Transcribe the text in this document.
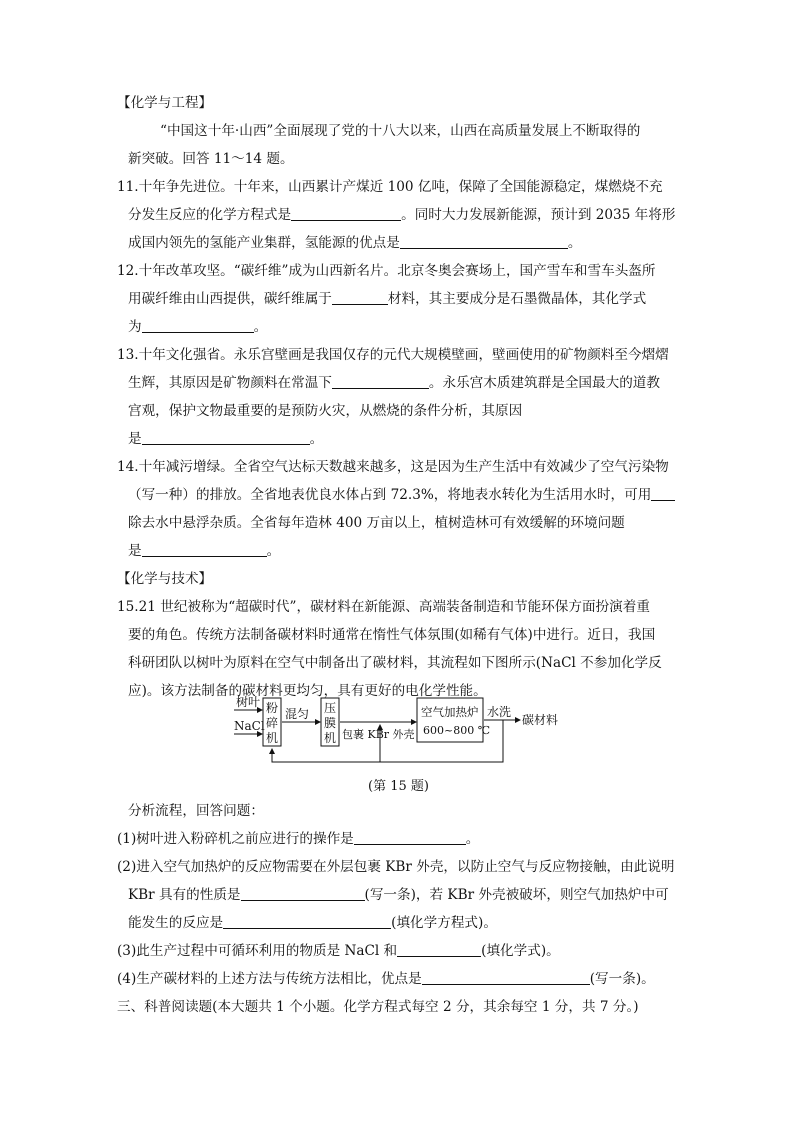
【化学与工程】
“中国这十年·山西”全面展现了党的十八大以来，山西在高质量发展上不断取得的
新突破。回答 11～14 题。
11.十年争先进位。十年来，山西累计产煤近 100 亿吨，保障了全国能源稳定，煤燃烧不充
分发生反应的化学方程式是	。同时大力发展新能源，预计到 2035 年将形
成国内领先的氢能产业集群，氢能源的优点是	。
12.十年改革攻坚。“碳纤维”成为山西新名片。北京冬奥会赛场上，国产雪车和雪车头盔所
用碳纤维由山西提供，碳纤维属于	材料，其主要成分是石墨微晶体，其化学式
为	。
13.十年文化强省。永乐宫壁画是我国仅存的元代大规模壁画，壁画使用的矿物颜料至今熠熠
生辉，其原因是矿物颜料在常温下	。永乐宫木质建筑群是全国最大的道教
宫观，保护文物最重要的是预防火灾，从燃烧的条件分析，其原因
是	。
14.十年减污增绿。全省空气达标天数越来越多，这是因为生产生活中有效减少了空气污染物
（写一种）的排放。全省地表优良水体占到 72.3%，将地表水转化为生活用水时，可用
除去水中悬浮杂质。全省每年造林 400 万亩以上，植树造林可有效缓解的环境问题
是	。
【化学与技术】
15.21 世纪被称为“超碳时代”，碳材料在新能源、高端装备制造和节能环保方面扮演着重
要的角色。传统方法制备碳材料时通常在惰性气体氛围(如稀有气体)中进行。近日，我国
科研团队以树叶为原料在空气中制备出了碳材料，其流程如下图所示(NaCl 不参加化学反
应)。该方法制备的碳材料更均匀，具有更好的电化学性能。
树叶
NaCl
粉
碎
机
混匀 压
膜
机 包裹 KBr 外壳
空气加热炉
600~800 ℃
水洗
碳材料
(第 15 题)
分析流程，回答问题：
(1)树叶进入粉碎机之前应进行的操作是	。
(2)进入空气加热炉的反应物需要在外层包裹 KBr 外壳，以防止空气与反应物接触，由此说明
KBr 具有的性质是	(写一条)，若 KBr 外壳被破坏，则空气加热炉中可
能发生的反应是	(填化学方程式)。
(3)此生产过程中可循环利用的物质是 NaCl 和	(填化学式)。
(4)生产碳材料的上述方法与传统方法相比，优点是	(写一条)。
三、科普阅读题(本大题共 1 个小题。化学方程式每空 2 分，其余每空 1 分，共 7 分。)
